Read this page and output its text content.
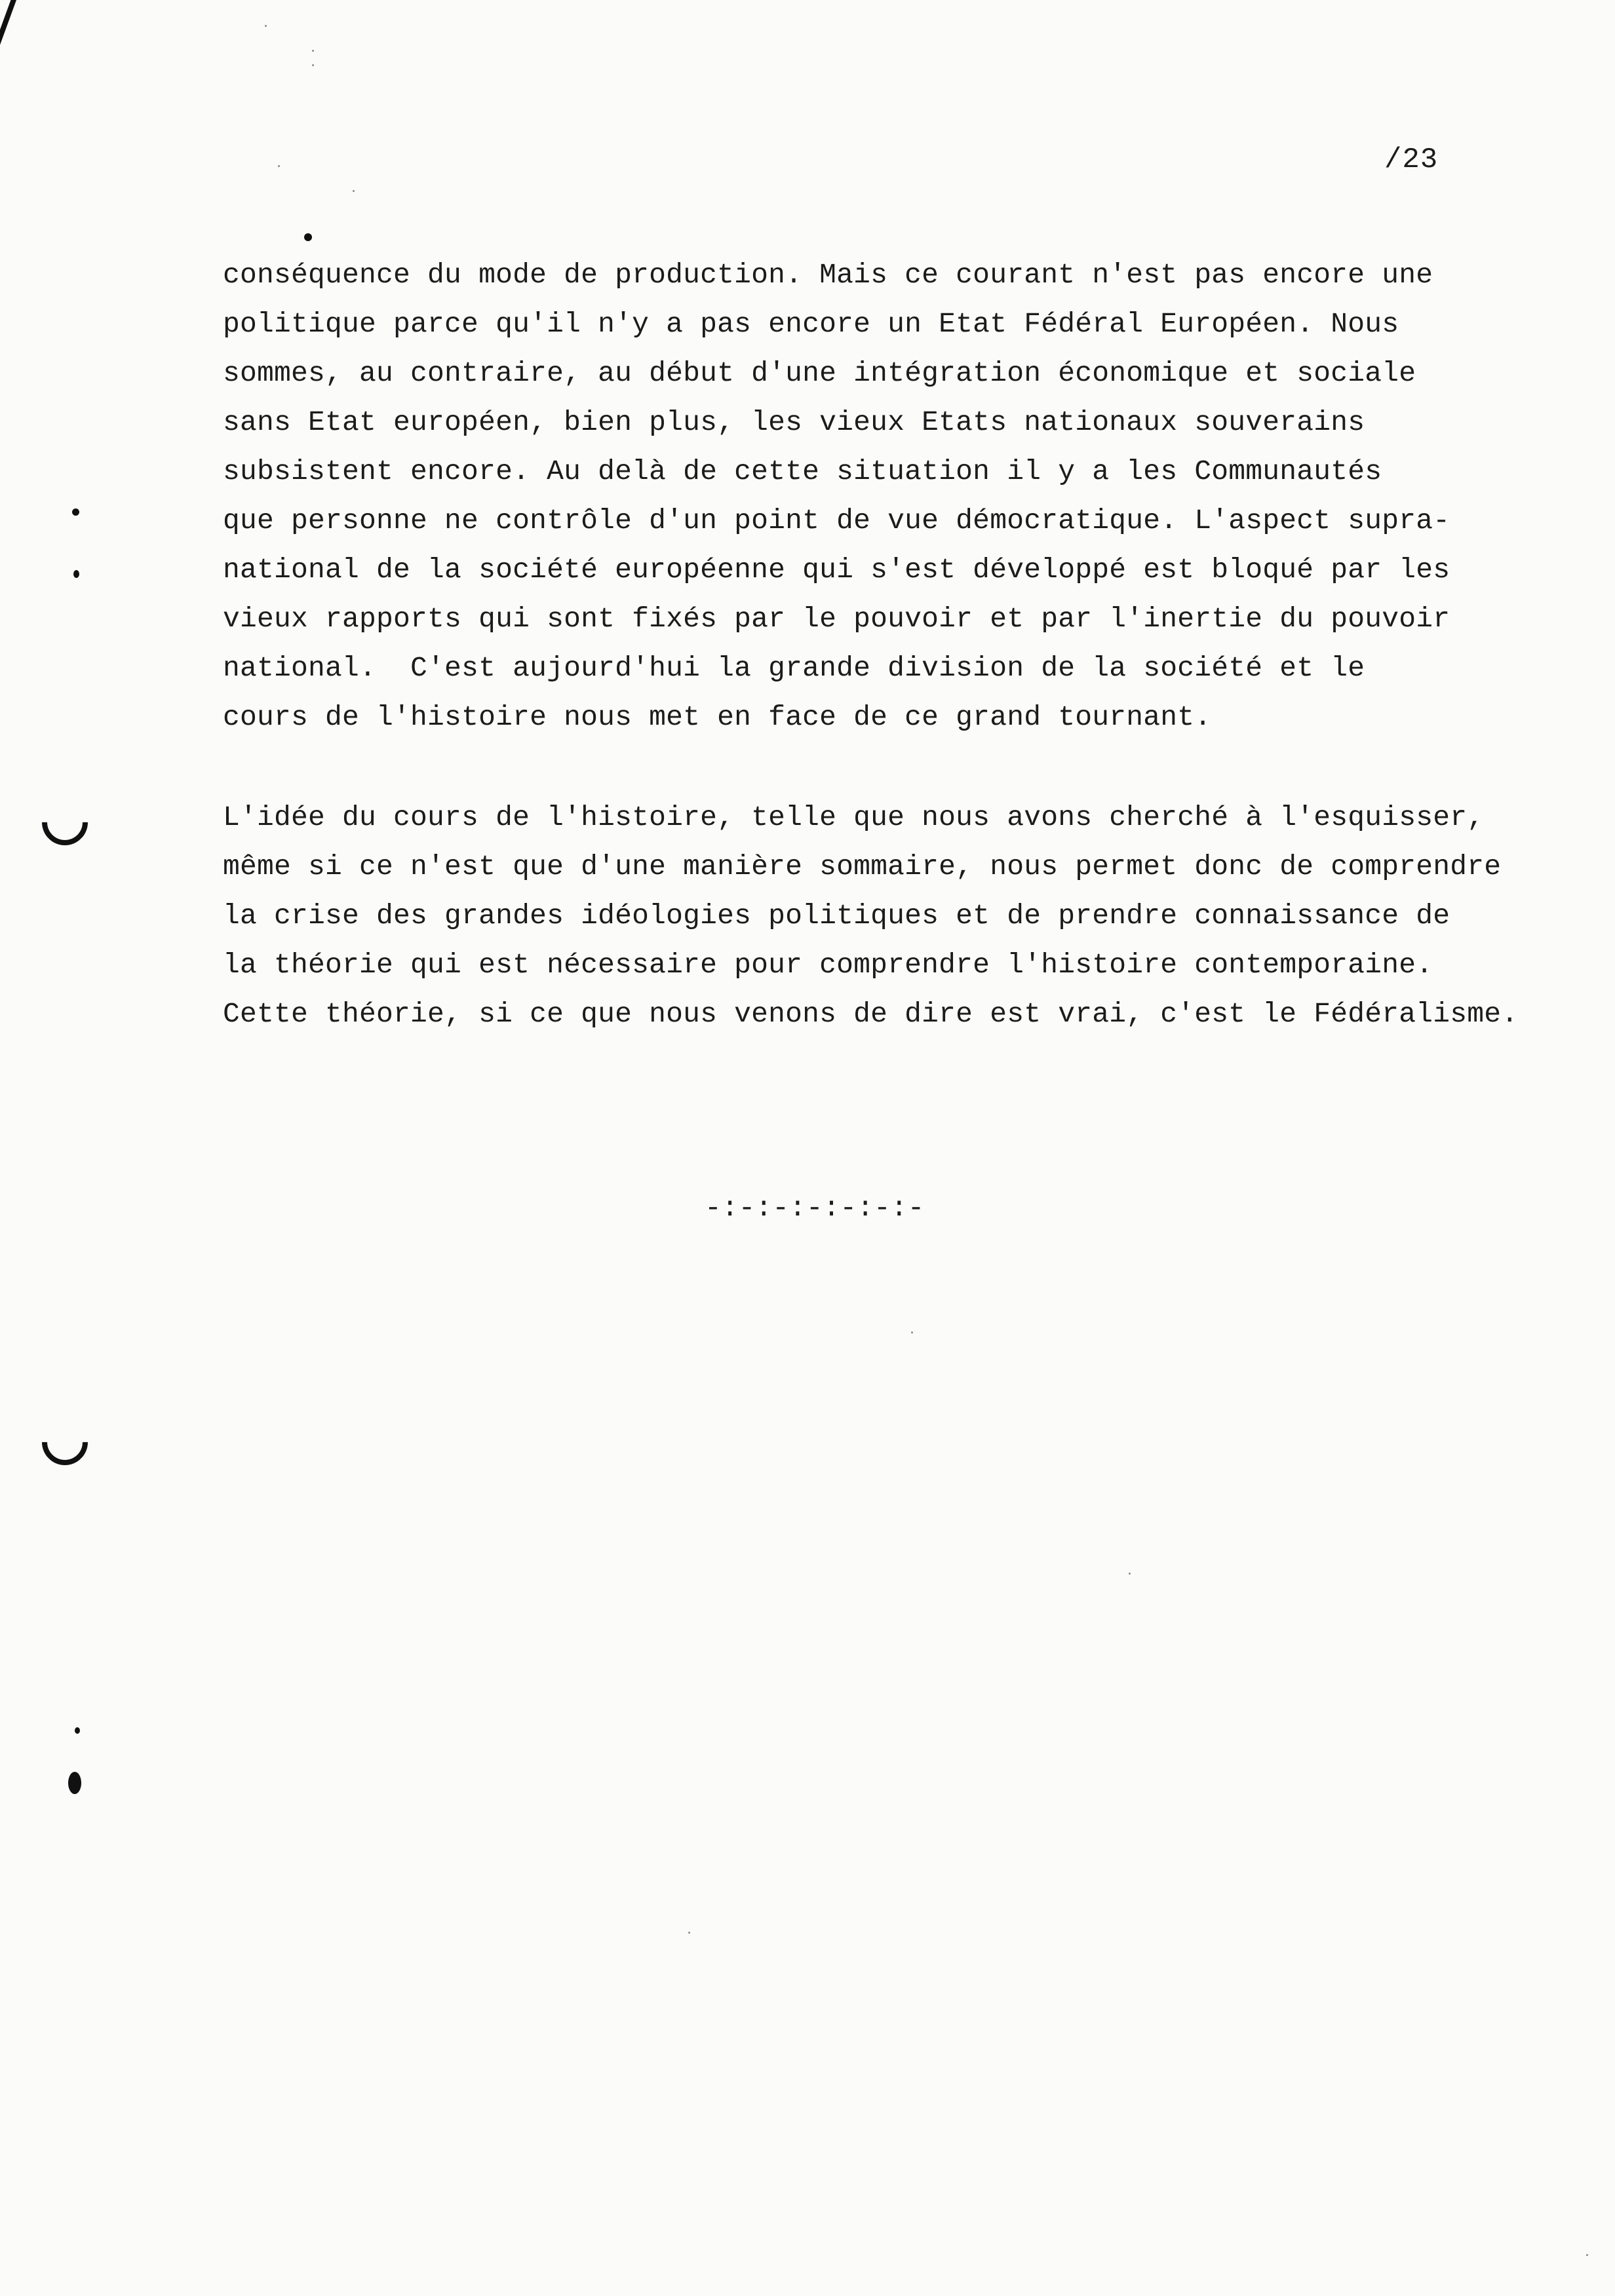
/23
conséquence du mode de production. Mais ce courant n'est pas encore une
politique parce qu'il n'y a pas encore un Etat Fédéral Européen. Nous
sommes, au contraire, au début d'une intégration économique et sociale
sans Etat européen, bien plus, les vieux Etats nationaux souverains
subsistent encore. Au delà de cette situation il y a les Communautés
que personne ne contrôle d'un point de vue démocratique. L'aspect supra-
national de la société européenne qui s'est développé est bloqué par les
vieux rapports qui sont fixés par le pouvoir et par l'inertie du pouvoir
national.  C'est aujourd'hui la grande division de la société et le
cours de l'histoire nous met en face de ce grand tournant.
L'idée du cours de l'histoire, telle que nous avons cherché à l'esquisser,
même si ce n'est que d'une manière sommaire, nous permet donc de comprendre
la crise des grandes idéologies politiques et de prendre connaissance de
la théorie qui est nécessaire pour comprendre l'histoire contemporaine.
Cette théorie, si ce que nous venons de dire est vrai, c'est le Fédéralisme.
-:-:-:-:-:-:-
